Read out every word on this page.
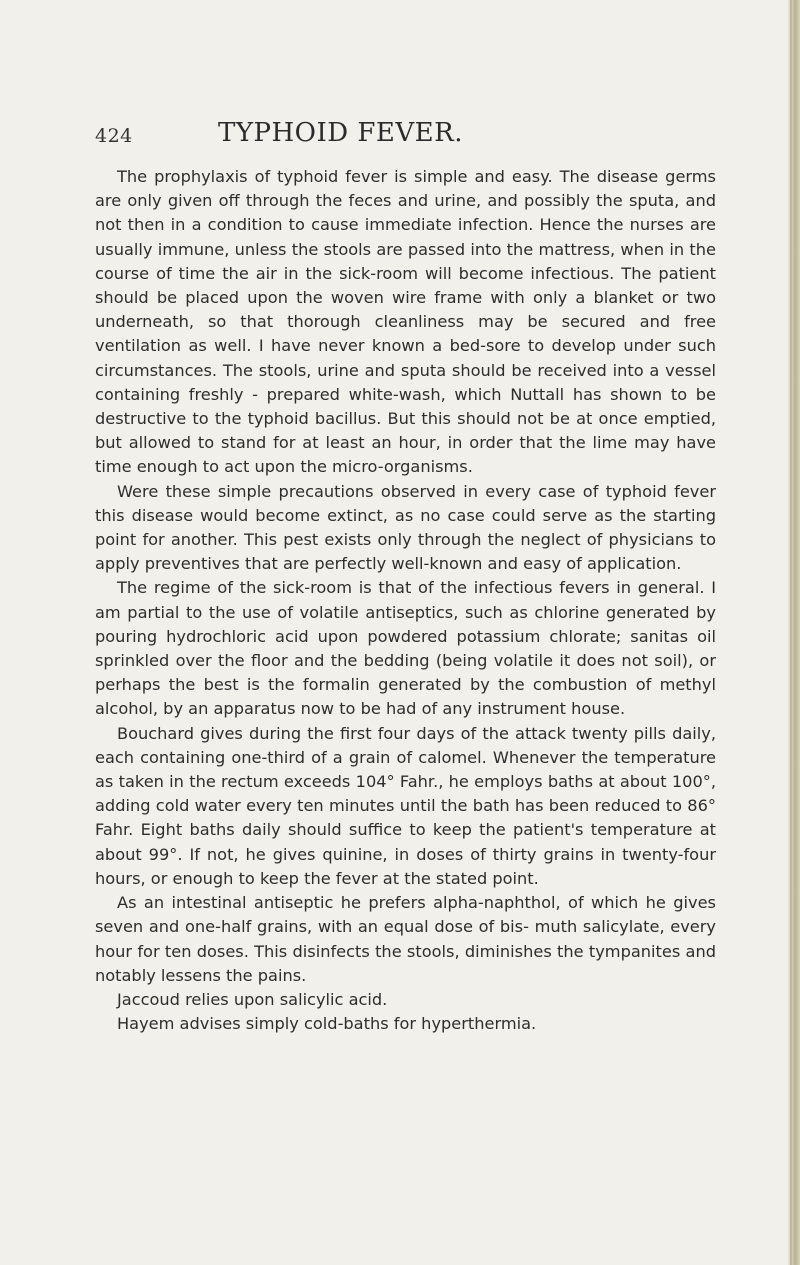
424	TYPHOID FEVER.

The prophylaxis of typhoid fever is simple and easy. The disease germs are only given off through the feces and urine, and possibly the sputa, and not then in a condition to cause immediate infection. Hence the nurses are usually immune, unless the stools are passed into the mattress, when in the course of time the air in the sick-room will become infectious. The patient should be placed upon the woven wire frame with only a blanket or two underneath, so that thorough cleanliness may be secured and free ventilation as well. I have never known a bed-sore to develop under such circumstances. The stools, urine and sputa should be received into a vessel containing freshly - prepared white-wash, which Nuttall has shown to be destructive to the typhoid bacillus. But this should not be at once emptied, but allowed to stand for at least an hour, in order that the lime may have time enough to act upon the micro-organisms.

Were these simple precautions observed in every case of typhoid fever this disease would become extinct, as no case could serve as the starting point for another. This pest exists only through the neglect of physicians to apply preventives that are perfectly well-known and easy of application.

The regime of the sick-room is that of the infectious fevers in general. I am partial to the use of volatile antiseptics, such as chlorine generated by pouring hydrochloric acid upon powdered potassium chlorate; sanitas oil sprinkled over the floor and the bedding (being volatile it does not soil), or perhaps the best is the formalin generated by the combustion of methyl alcohol, by an apparatus now to be had of any instrument house.

Bouchard gives during the first four days of the attack twenty pills daily, each containing one-third of a grain of calomel. Whenever the temperature as taken in the rectum exceeds 104° Fahr., he employs baths at about 100°, adding cold water every ten minutes until the bath has been reduced to 86° Fahr. Eight baths daily should suffice to keep the patient's temperature at about 99°. If not, he gives quinine, in doses of thirty grains in twenty-four hours, or enough to keep the fever at the stated point.

As an intestinal antiseptic he prefers alpha-naphthol, of which he gives seven and one-half grains, with an equal dose of bis- muth salicylate, every hour for ten doses. This disinfects the stools, diminishes the tympanites and notably lessens the pains.

Jaccoud relies upon salicylic acid.

Hayem advises simply cold-baths for hyperthermia.
